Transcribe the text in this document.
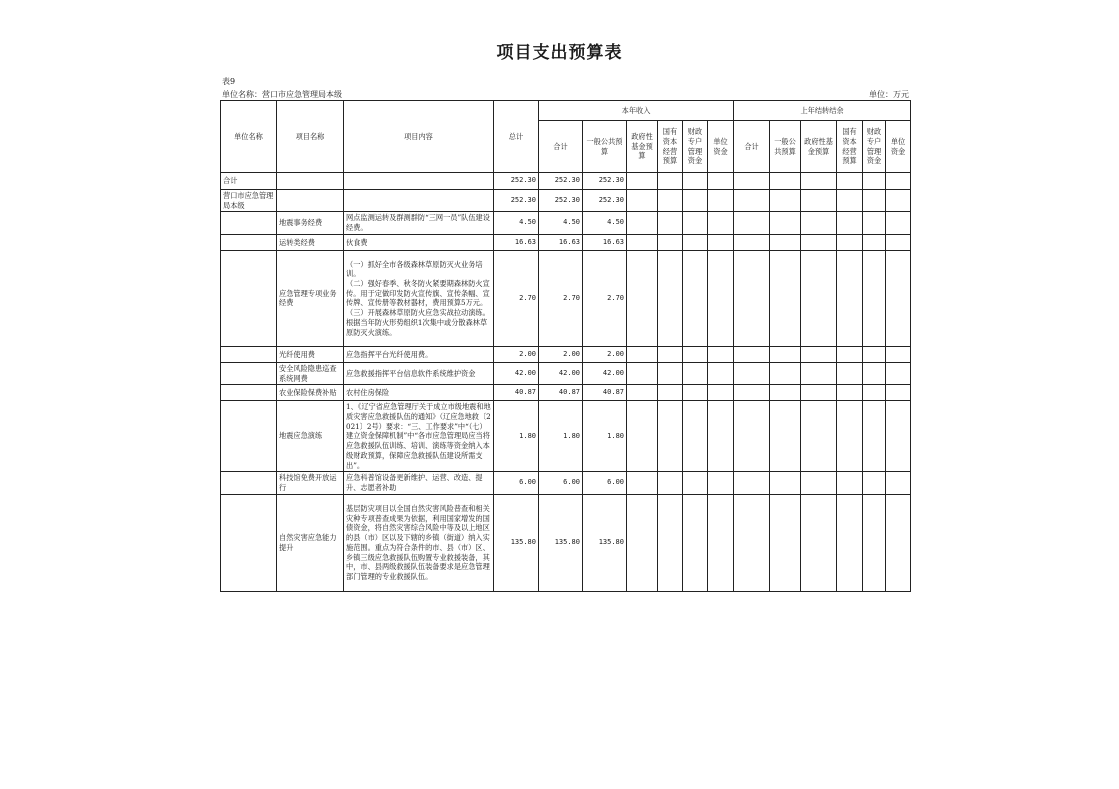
项目支出预算表
表9
单位名称：营口市应急管理局本级	单位：万元
单位名称	项目名称	项目内容	总计	本年收入						上年结转结余					
				合计	一般公共预算	政府性基金预算	国有资本经营预算	财政专户管理资金	单位资金	合计	一般公共预算	政府性基金预算	国有资本经营预算	财政专户管理资金	单位资金
合计			252.30	252.30	252.30										
营口市应急管理局本级			252.30	252.30	252.30										
	地震事务经费	网点监测运转及群测群防“三网一员”队伍建设经费。	4.50	4.50	4.50										
	运转类经费	伙食费	16.63	16.63	16.63										
	应急管理专项业务经费	（一）抓好全市各级森林草原防灭火业务培训。
（二）强好春季、秋冬防火紧要期森林防火宣传。用于定做印发防火宣传旗、宣传条幅、宣传牌、宣传册等教材器材，费用预算5万元。
（三）开展森林草原防火应急实战拉动演练。根据当年防火形势组织1次集中或分散森林草原防灭火演练。	2.70	2.70	2.70										
	光纤使用费	应急指挥平台光纤使用费。	2.00	2.00	2.00										
	安全风险隐患巡查系统网费	应急救援指挥平台信息软件系统维护资金	42.00	42.00	42.00										
	农业保险保费补贴	农村住房保险	40.87	40.87	40.87										
	地震应急演练	1、《辽宁省应急管理厅关于成立市级地震和地质灾害应急救援队伍的通知》（辽应急地救〔2021〕2号）要求：“三、工作要求”中“（七）建立资金保障机制”中“各市应急管理局应当将应急救援队伍训练、培训、演练等资金纳入本级财政预算，保障应急救援队伍建设所需支出”。	1.80	1.80	1.80										
	科技馆免费开放运行	应急科普馆设备更新维护、运营、改造、提升、志愿者补助	6.00	6.00	6.00										
	自然灾害应急能力提升	基层防灾项目以全国自然灾害风险普查和相关灾种专项普查成果为依据，利用国家增发的国债资金，将自然灾害综合风险中等及以上地区的县（市）区以及下辖的乡镇（街道）纳入实施范围。重点为符合条件的市、县（市）区、乡镇三级应急救援队伍购置专业救援装备，其中，市、县两级救援队伍装备要求是应急管理部门管理的专业救援队伍。	135.80	135.80	135.80										
